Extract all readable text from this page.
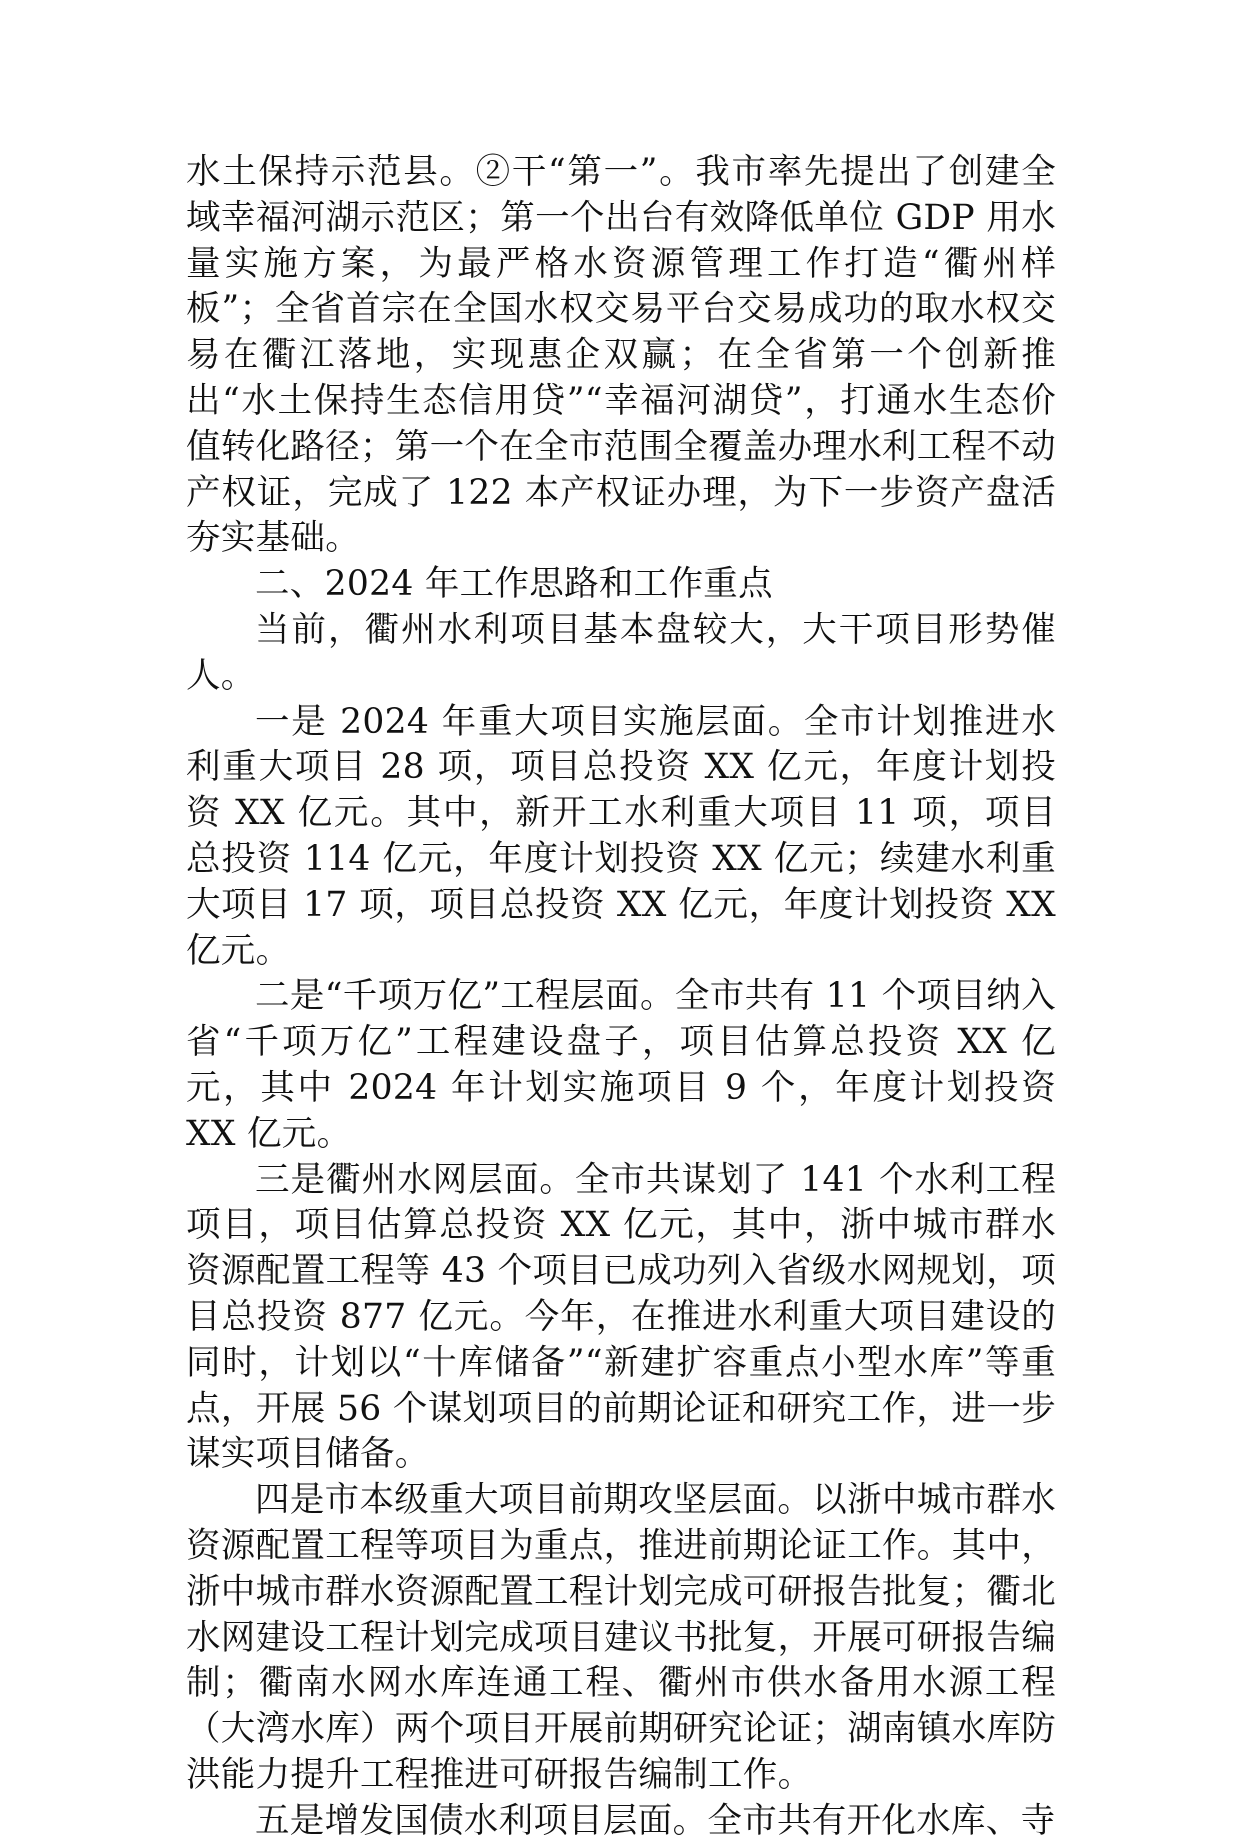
水土保持示范县。②干“第一”。我市率先提出了创建全域幸福河湖示范区；第一个出台有效降低单位 GDP 用水量实施方案，为最严格水资源管理工作打造“衢州样板”；全省首宗在全国水权交易平台交易成功的取水权交易在衢江落地，实现惠企双赢；在全省第一个创新推出“水土保持生态信用贷”“幸福河湖贷”，打通水生态价值转化路径；第一个在全市范围全覆盖办理水利工程不动产权证，完成了 122 本产权证办理，为下一步资产盘活夯实基础。

二、2024 年工作思路和工作重点

当前，衢州水利项目基本盘较大，大干项目形势催人。

一是 2024 年重大项目实施层面。全市计划推进水利重大项目 28 项，项目总投资 XX 亿元，年度计划投资 XX 亿元。其中，新开工水利重大项目 11 项，项目总投资 114 亿元，年度计划投资 XX 亿元；续建水利重大项目 17 项，项目总投资 XX 亿元，年度计划投资 XX 亿元。

二是“千项万亿”工程层面。全市共有 11 个项目纳入省“千项万亿”工程建设盘子，项目估算总投资 XX 亿元，其中 2024 年计划实施项目 9 个，年度计划投资 XX 亿元。

三是衢州水网层面。全市共谋划了 141 个水利工程项目，项目估算总投资 XX 亿元，其中，浙中城市群水资源配置工程等 43 个项目已成功列入省级水网规划，项目总投资 877 亿元。今年，在推进水利重大项目建设的同时，计划以“十库储备”“新建扩容重点小型水库”等重点，开展 56 个谋划项目的前期论证和研究工作，进一步谋实项目储备。

四是市本级重大项目前期攻坚层面。以浙中城市群水资源配置工程等项目为重点，推进前期论证工作。其中，浙中城市群水资源配置工程计划完成可研报告批复；衢北水网建设工程计划完成项目建议书批复，开展可研报告编制；衢南水网水库连通工程、衢州市供水备用水源工程（大湾水库）两个项目开展前期研究论证；湖南镇水库防洪能力提升工程推进可研报告编制工作。

五是增发国债水利项目层面。全市共有开化水库、寺
